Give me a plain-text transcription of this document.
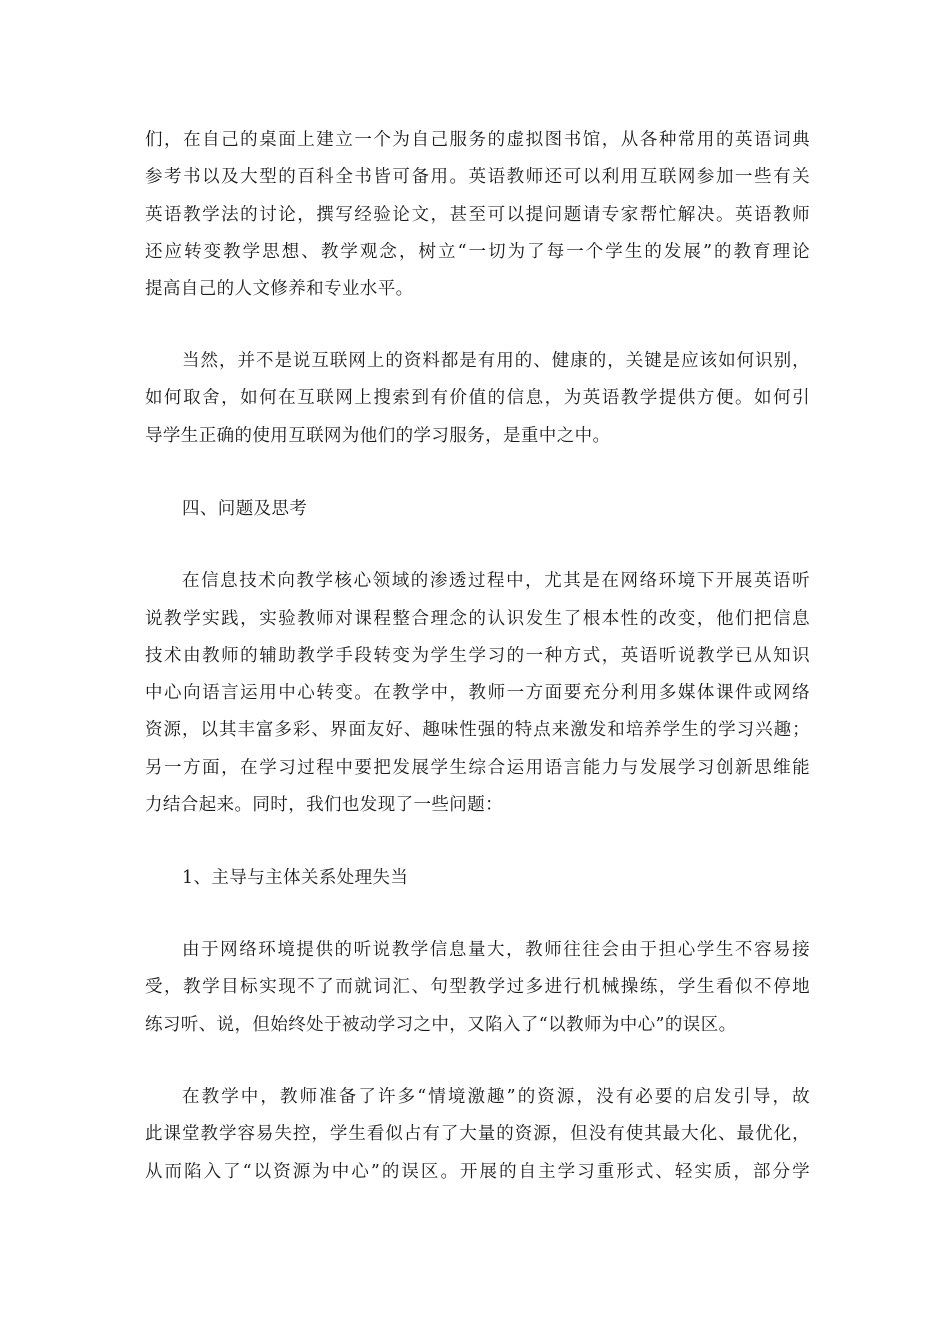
们，在自己的桌面上建立一个为自己服务的虚拟图书馆，从各种常用的英语词典
参考书以及大型的百科全书皆可备用。英语教师还可以利用互联网参加一些有关
英语教学法的讨论，撰写经验论文，甚至可以提问题请专家帮忙解决。英语教师
还应转变教学思想、教学观念，树立“一切为了每一个学生的发展”的教育理论
提高自己的人文修养和专业水平。
当然，并不是说互联网上的资料都是有用的、健康的，关键是应该如何识别，
如何取舍，如何在互联网上搜索到有价值的信息，为英语教学提供方便。如何引
导学生正确的使用互联网为他们的学习服务，是重中之中。
四、问题及思考
在信息技术向教学核心领域的渗透过程中，尤其是在网络环境下开展英语听
说教学实践，实验教师对课程整合理念的认识发生了根本性的改变，他们把信息
技术由教师的辅助教学手段转变为学生学习的一种方式，英语听说教学已从知识
中心向语言运用中心转变。在教学中，教师一方面要充分利用多媒体课件或网络
资源，以其丰富多彩、界面友好、趣味性强的特点来激发和培养学生的学习兴趣；
另一方面，在学习过程中要把发展学生综合运用语言能力与发展学习创新思维能
力结合起来。同时，我们也发现了一些问题：
1、主导与主体关系处理失当
由于网络环境提供的听说教学信息量大，教师往往会由于担心学生不容易接
受，教学目标实现不了而就词汇、句型教学过多进行机械操练，学生看似不停地
练习听、说，但始终处于被动学习之中，又陷入了“以教师为中心”的误区。
在教学中，教师准备了许多“情境激趣”的资源，没有必要的启发引导，故
此课堂教学容易失控，学生看似占有了大量的资源，但没有使其最大化、最优化，
从而陷入了“以资源为中心”的误区。开展的自主学习重形式、轻实质，部分学
